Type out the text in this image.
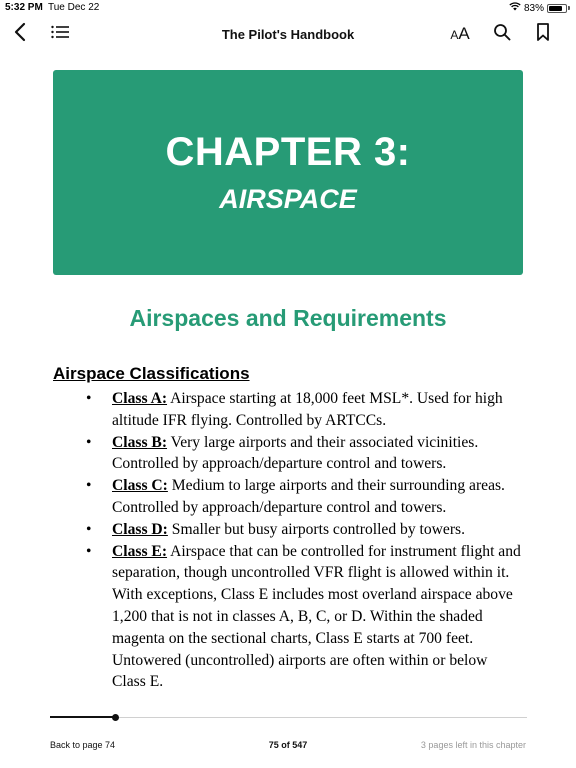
5:32 PM Tue Dec 22	83%
The Pilot's Handbook	AA
CHAPTER 3:
AIRSPACE
Airspaces and Requirements
Airspace Classifications
• Class A: Airspace starting at 18,000 feet MSL*. Used for high altitude IFR flying. Controlled by ARTCCs.
• Class B: Very large airports and their associated vicinities. Controlled by approach/departure control and towers.
• Class C: Medium to large airports and their surrounding areas. Controlled by approach/departure control and towers.
• Class D: Smaller but busy airports controlled by towers.
• Class E: Airspace that can be controlled for instrument flight and separation, though uncontrolled VFR flight is allowed within it. With exceptions, Class E includes most overland airspace above 1,200 that is not in classes A, B, C, or D. Within the shaded magenta on the sectional charts, Class E starts at 700 feet. Untowered (uncontrolled) airports are often within or below Class E.
Back to page 74	75 of 547	3 pages left in this chapter
